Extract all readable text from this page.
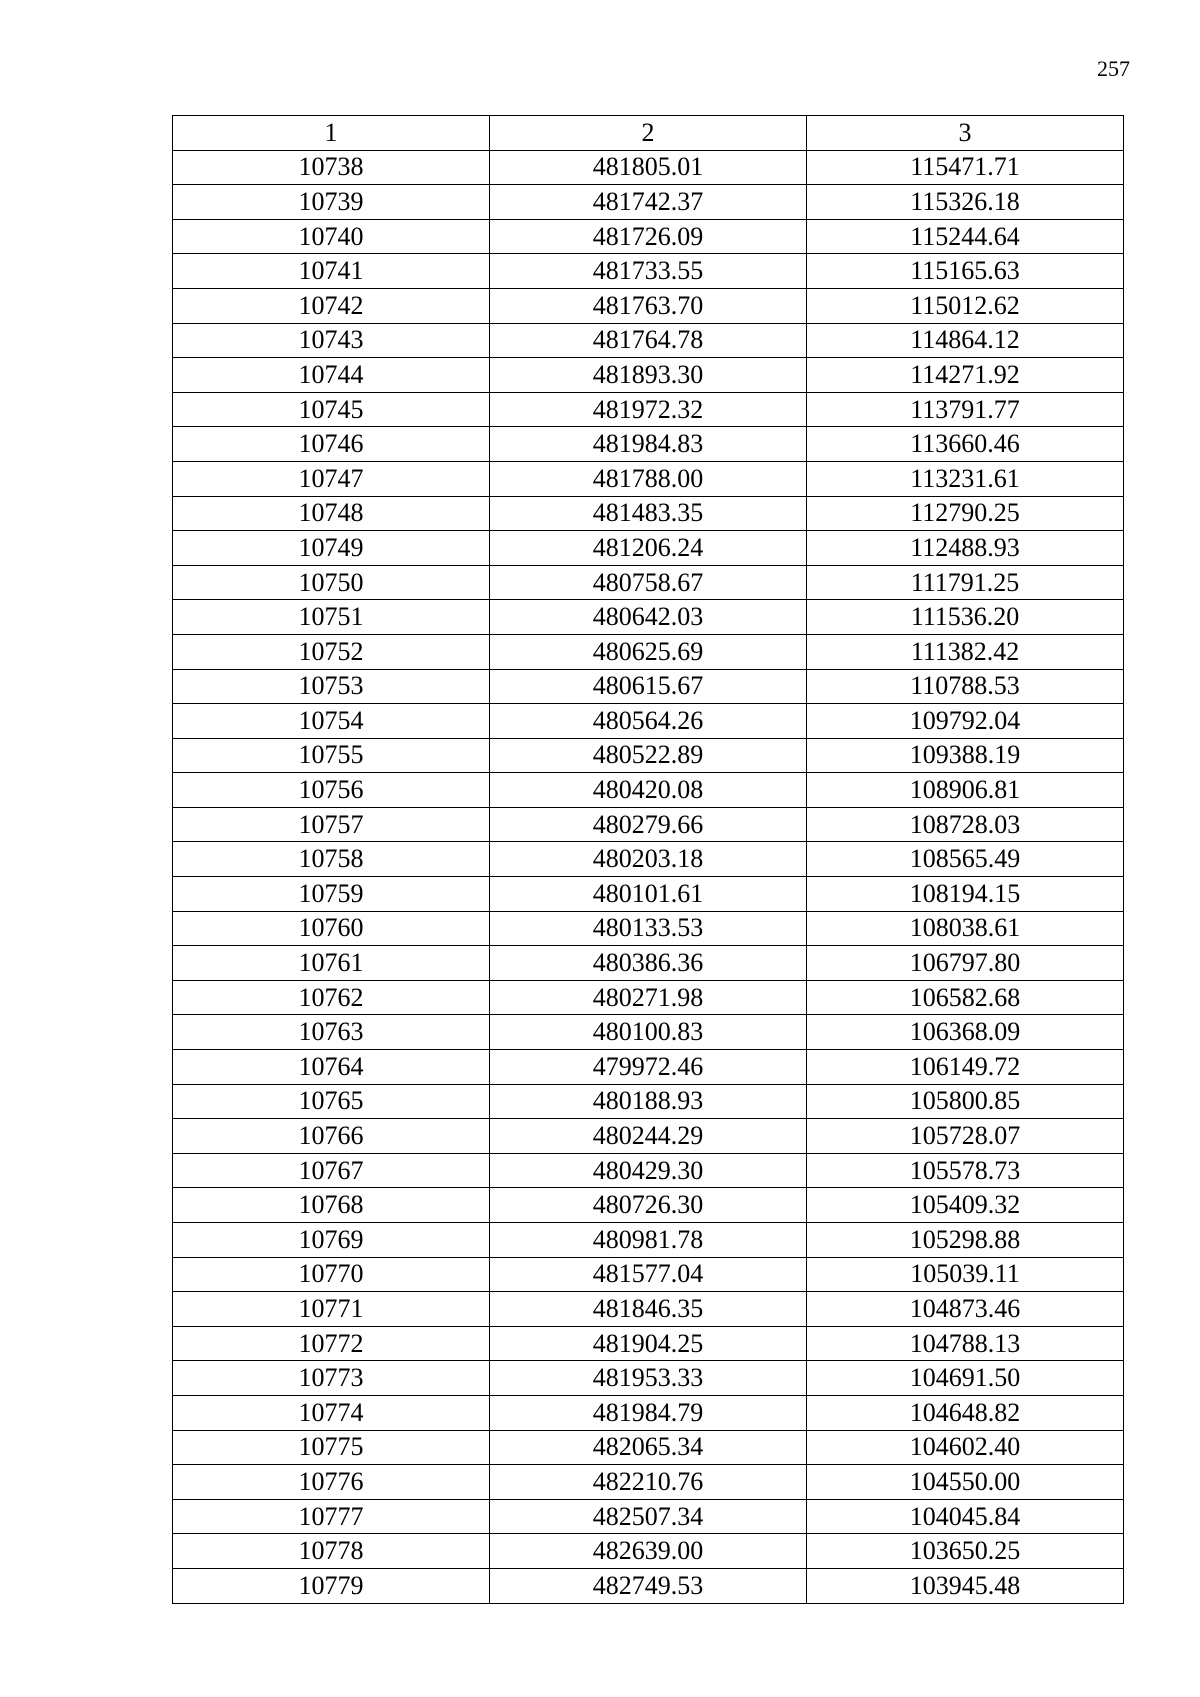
257
1	2	3
10738	481805.01	115471.71
10739	481742.37	115326.18
10740	481726.09	115244.64
10741	481733.55	115165.63
10742	481763.70	115012.62
10743	481764.78	114864.12
10744	481893.30	114271.92
10745	481972.32	113791.77
10746	481984.83	113660.46
10747	481788.00	113231.61
10748	481483.35	112790.25
10749	481206.24	112488.93
10750	480758.67	111791.25
10751	480642.03	111536.20
10752	480625.69	111382.42
10753	480615.67	110788.53
10754	480564.26	109792.04
10755	480522.89	109388.19
10756	480420.08	108906.81
10757	480279.66	108728.03
10758	480203.18	108565.49
10759	480101.61	108194.15
10760	480133.53	108038.61
10761	480386.36	106797.80
10762	480271.98	106582.68
10763	480100.83	106368.09
10764	479972.46	106149.72
10765	480188.93	105800.85
10766	480244.29	105728.07
10767	480429.30	105578.73
10768	480726.30	105409.32
10769	480981.78	105298.88
10770	481577.04	105039.11
10771	481846.35	104873.46
10772	481904.25	104788.13
10773	481953.33	104691.50
10774	481984.79	104648.82
10775	482065.34	104602.40
10776	482210.76	104550.00
10777	482507.34	104045.84
10778	482639.00	103650.25
10779	482749.53	103945.48
